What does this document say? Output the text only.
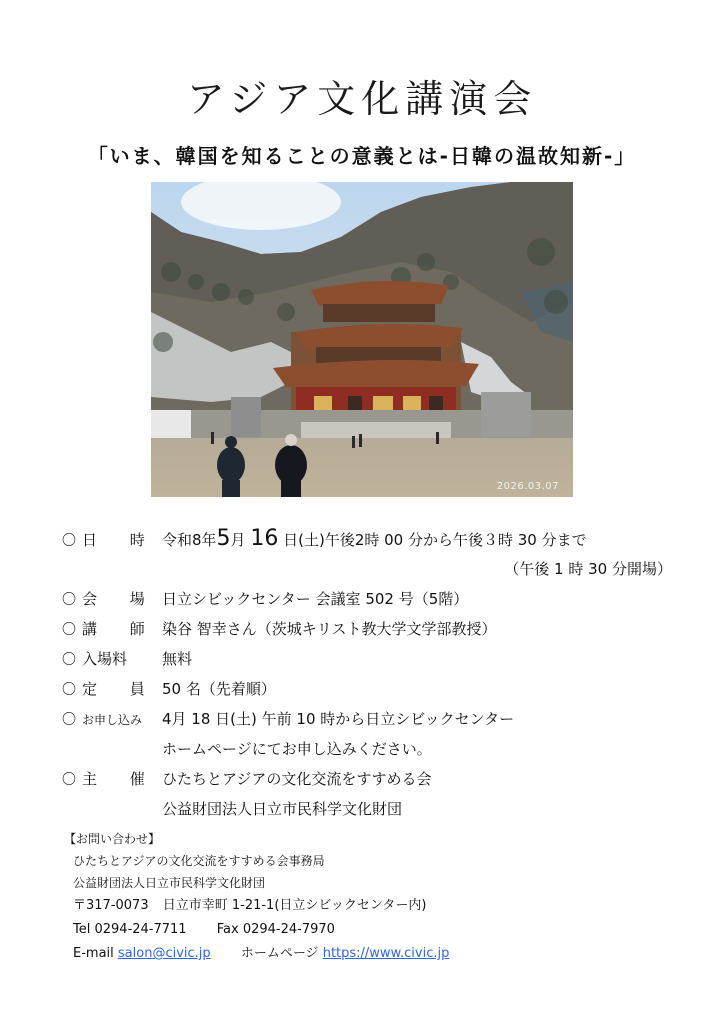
アジア文化講演会
「いま、韓国を知ることの意義とは-日韓の温故知新-」
2026.03.07
〇 日 時 令和8年5月 16 日(土)午後2時 00 分から午後３時 30 分まで
（午後 1 時 30 分開場）
〇 会 場 日立シビックセンター 会議室 502 号（5階）
〇 講 師 染谷 智幸さん（茨城キリスト教大学文学部教授）
〇 入場料	無料
〇 定 員 50 名（先着順）
〇 お申し込み	4月 18 日(土) 午前 10 時から日立シビックセンター
ホームページにてお申し込みください。
〇 主 催 ひたちとアジアの文化交流をすすめる会
公益財団法人日立市民科学文化財団
【お問い合わせ】
ひたちとアジアの文化交流をすすめる会事務局
公益財団法人日立市民科学文化財団
〒317-0073 日立市幸町 1-21-1(日立シビックセンター内)
Tel 0294-24-7711 Fax 0294-24-7970
E-mail salon@civic.jp ホームページ https://www.civic.jp
